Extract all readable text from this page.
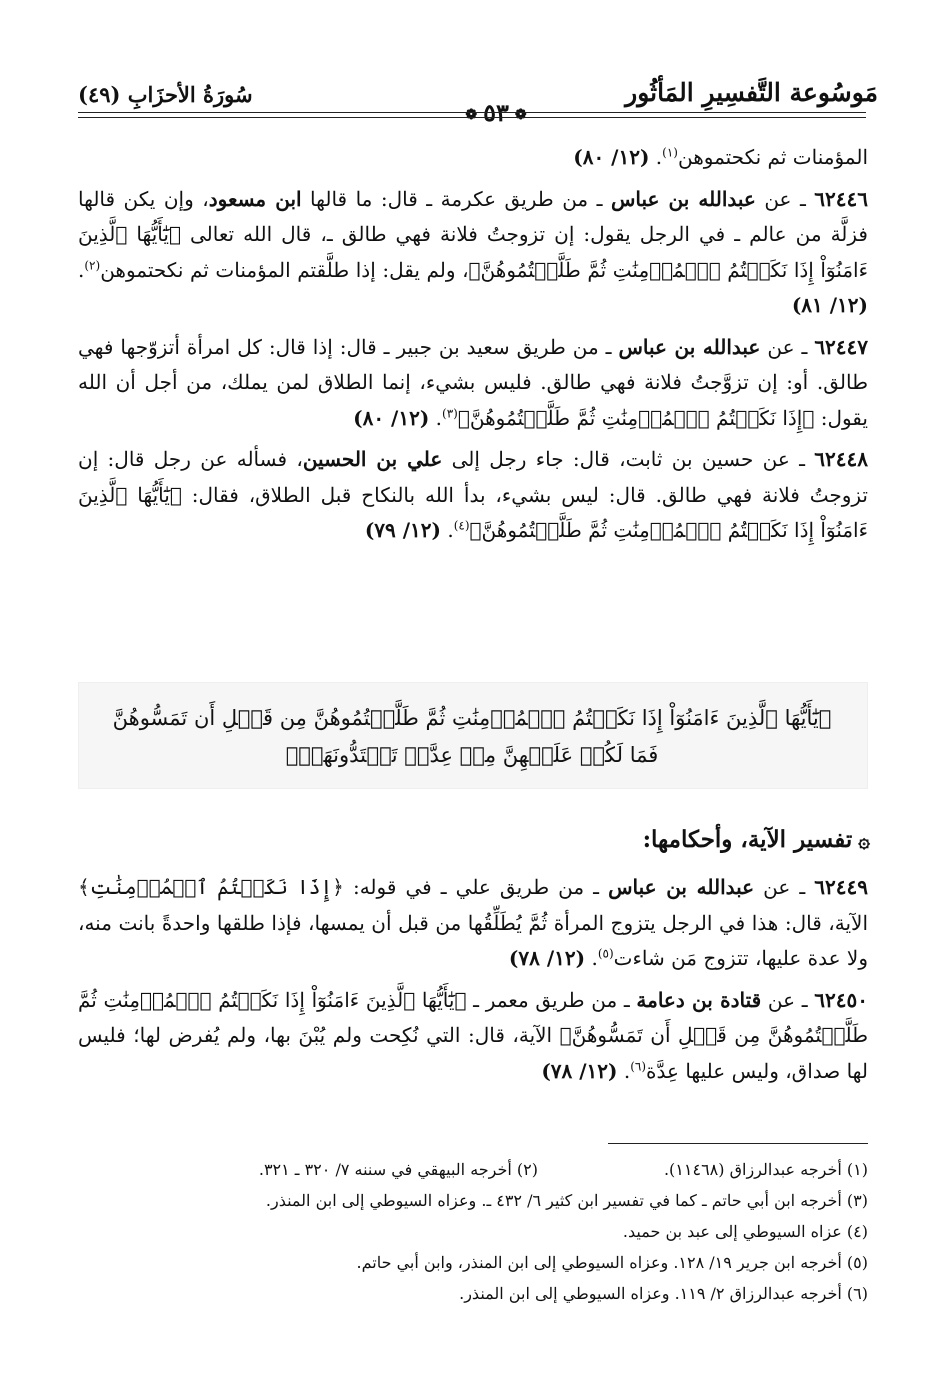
مَوسُوعة التَّفسِيرِ المَأثُور
❁٥٣❁
سُورَةُ الأحزَابِ (٤٩)

المؤمنات ثم نكحتموهن$^{(١)}$. (١٢/ ٨٠)

٦٢٤٤٦ ـ عن عبدالله بن عباس ـ من طريق عكرمة ـ قال: ما قالها ابن مسعود، وإن يكن قالها فزلَّة من عالم ـ في الرجل يقول: إن تزوجتُ فلانة فهي طالق ـ، قال الله تعالى ﴿يَٰٓأَيُّهَا ٱلَّذِينَ ءَامَنُوٓاْ إِذَا نَكَحۡتُمُ ٱلۡمُؤۡمِنَٰتِ ثُمَّ طَلَّقۡتُمُوهُنَّ﴾، ولم يقل: إذا طلَّقتم المؤمنات ثم نكحتموهن$^{(٢)}$. (١٢/ ٨١)

٦٢٤٤٧ ـ عن عبدالله بن عباس ـ من طريق سعيد بن جبير ـ قال: إذا قال: كل امرأة أتزوّجها فهي طالق. أو: إن تزوَّجتُ فلانة فهي طالق. فليس بشيء، إنما الطلاق لمن يملك، من أجل أن الله يقول: ﴿إِذَا نَكَحۡتُمُ ٱلۡمُؤۡمِنَٰتِ ثُمَّ طَلَّقۡتُمُوهُنَّ﴾$^{(٣)}$. (١٢/ ٨٠)

٦٢٤٤٨ ـ عن حسين بن ثابت، قال: جاء رجل إلى علي بن الحسين، فسأله عن رجل قال: إن تزوجتُ فلانة فهي طالق. قال: ليس بشيء، بدأ الله بالنكاح قبل الطلاق، فقال: ﴿يَٰٓأَيُّهَا ٱلَّذِينَ ءَامَنُوٓاْ إِذَا نَكَحۡتُمُ ٱلۡمُؤۡمِنَٰتِ ثُمَّ طَلَّقۡتُمُوهُنَّ﴾$^{(٤)}$. (١٢/ ٧٩)

﴿يَٰٓأَيُّهَا ٱلَّذِينَ ءَامَنُوٓاْ إِذَا نَكَحۡتُمُ ٱلۡمُؤۡمِنَٰتِ ثُمَّ طَلَّقۡتُمُوهُنَّ مِن قَبۡلِ أَن تَمَسُّوهُنَّ
فَمَا لَكُمۡ عَلَيۡهِنَّ مِنۡ عِدَّةٖ تَعۡتَدُّونَهَاۖ﴾
۞تفسير الآية، وأحكامها:

٦٢٤٤٩ ـ عن عبدالله بن عباس ـ من طريق علي ـ في قوله: ﴿إِذَا نَكَحۡتُمُ ٱلۡمُؤۡمِنَٰتِ﴾ الآية، قال: هذا في الرجل يتزوج المرأة ثُمَّ يُطَلِّقُها من قبل أن يمسها، فإذا طلقها واحدةً بانت منه، ولا عدة عليها، تتزوج مَن شاءت$^{(٥)}$. (١٢/ ٧٨)

٦٢٤٥٠ ـ عن قتادة بن دعامة ـ من طريق معمر ـ ﴿يَٰٓأَيُّهَا ٱلَّذِينَ ءَامَنُوٓاْ إِذَا نَكَحۡتُمُ ٱلۡمُؤۡمِنَٰتِ ثُمَّ طَلَّقۡتُمُوهُنَّ مِن قَبۡلِ أَن تَمَسُّوهُنَّ﴾ الآية، قال: التي نُكِحت ولم يُبْنَ بها، ولم يُفرض لها؛ فليس لها صداق، وليس عليها عِدَّة$^{(٦)}$. (١٢/ ٧٨)

(١) أخرجه عبدالرزاق (١١٤٦٨).
(٢) أخرجه البيهقي في سننه ٧/ ٣٢٠ ـ ٣٢١.
(٣) أخرجه ابن أبي حاتم ـ كما في تفسير ابن كثير ٦/ ٤٣٢ ـ. وعزاه السيوطي إلى ابن المنذر.
(٤) عزاه السيوطي إلى عبد بن حميد.
(٥) أخرجه ابن جرير ١٩/ ١٢٨. وعزاه السيوطي إلى ابن المنذر، وابن أبي حاتم.
(٦) أخرجه عبدالرزاق ٢/ ١١٩. وعزاه السيوطي إلى ابن المنذر.
